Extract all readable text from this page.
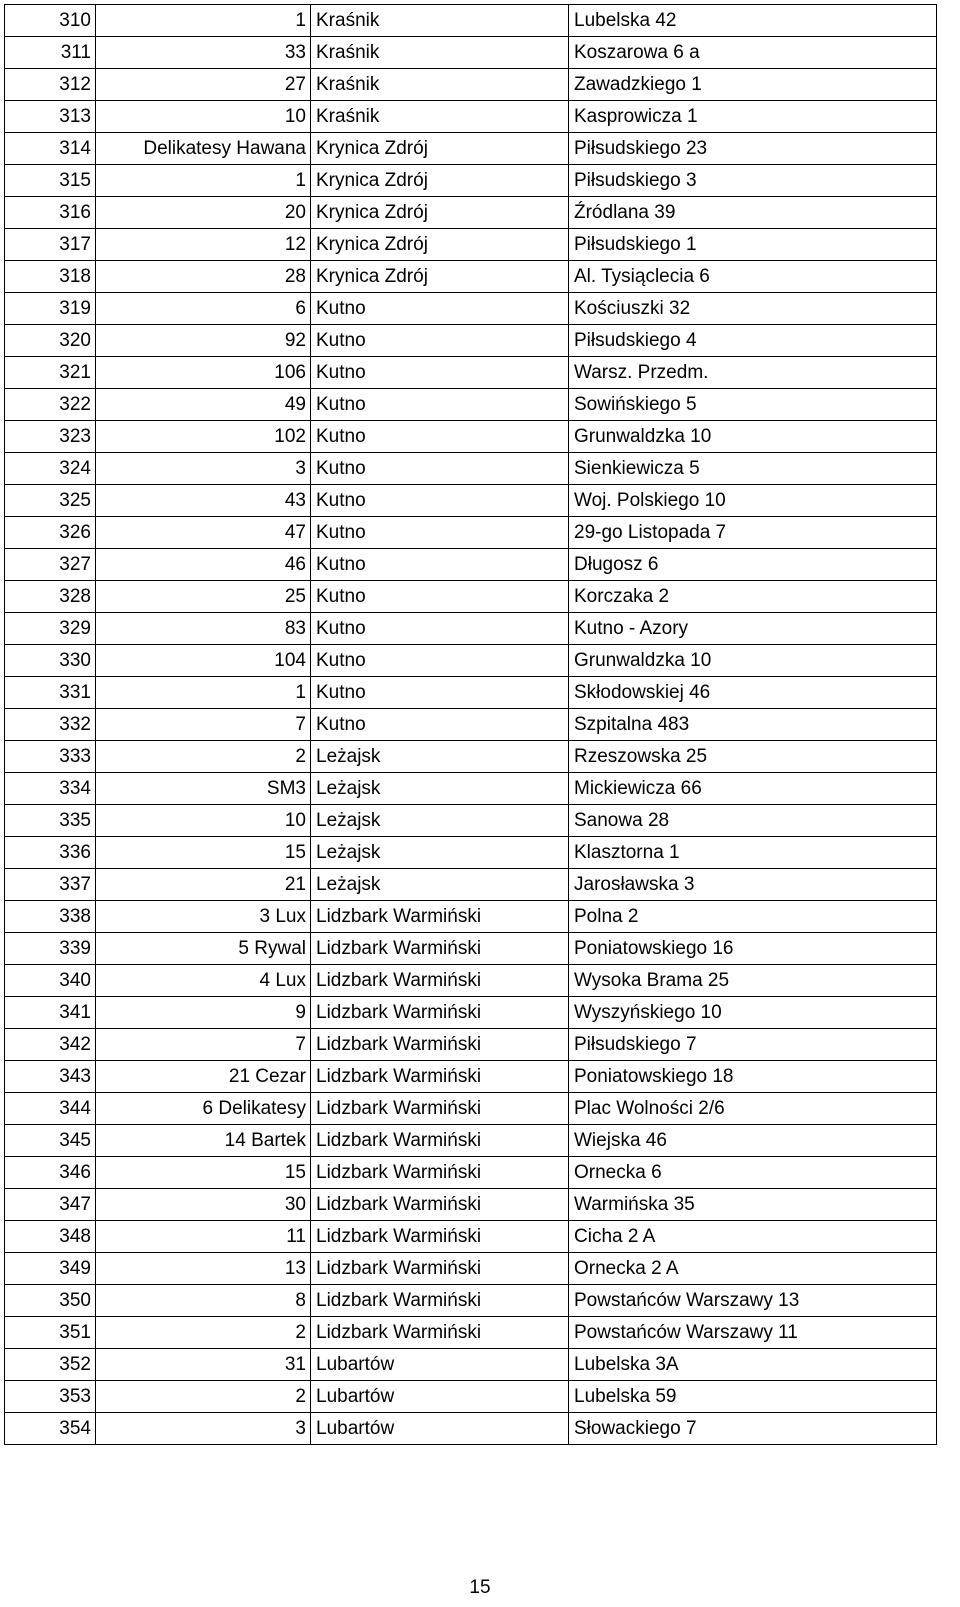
310	1	Kraśnik	Lubelska 42
311	33	Kraśnik	Koszarowa 6 a
312	27	Kraśnik	Zawadzkiego 1
313	10	Kraśnik	Kasprowicza 1
314	Delikatesy Hawana	Krynica Zdrój	Piłsudskiego 23
315	1	Krynica Zdrój	Piłsudskiego 3
316	20	Krynica Zdrój	Źródlana 39
317	12	Krynica Zdrój	Piłsudskiego 1
318	28	Krynica Zdrój	Al. Tysiąclecia 6
319	6	Kutno	Kościuszki 32
320	92	Kutno	Piłsudskiego 4
321	106	Kutno	Warsz. Przedm.
322	49	Kutno	Sowińskiego 5
323	102	Kutno	Grunwaldzka 10
324	3	Kutno	Sienkiewicza 5
325	43	Kutno	Woj. Polskiego 10
326	47	Kutno	29-go Listopada 7
327	46	Kutno	Długosz 6
328	25	Kutno	Korczaka 2
329	83	Kutno	Kutno - Azory
330	104	Kutno	Grunwaldzka 10
331	1	Kutno	Skłodowskiej 46
332	7	Kutno	Szpitalna 483
333	2	Leżajsk	Rzeszowska 25
334	SM3	Leżajsk	Mickiewicza 66
335	10	Leżajsk	Sanowa 28
336	15	Leżajsk	Klasztorna 1
337	21	Leżajsk	Jarosławska 3
338	3 Lux	Lidzbark Warmiński	Polna 2
339	5 Rywal	Lidzbark Warmiński	Poniatowskiego 16
340	4 Lux	Lidzbark Warmiński	Wysoka Brama 25
341	9	Lidzbark Warmiński	Wyszyńskiego 10
342	7	Lidzbark Warmiński	Piłsudskiego 7
343	21 Cezar	Lidzbark Warmiński	Poniatowskiego 18
344	6 Delikatesy	Lidzbark Warmiński	Plac Wolności 2/6
345	14 Bartek	Lidzbark Warmiński	Wiejska 46
346	15	Lidzbark Warmiński	Ornecka 6
347	30	Lidzbark Warmiński	Warmińska 35
348	11	Lidzbark Warmiński	Cicha 2 A
349	13	Lidzbark Warmiński	Ornecka 2 A
350	8	Lidzbark Warmiński	Powstańców Warszawy 13
351	2	Lidzbark Warmiński	Powstańców Warszawy 11
352	31	Lubartów	Lubelska 3A
353	2	Lubartów	Lubelska 59
354	3	Lubartów	Słowackiego 7
15
